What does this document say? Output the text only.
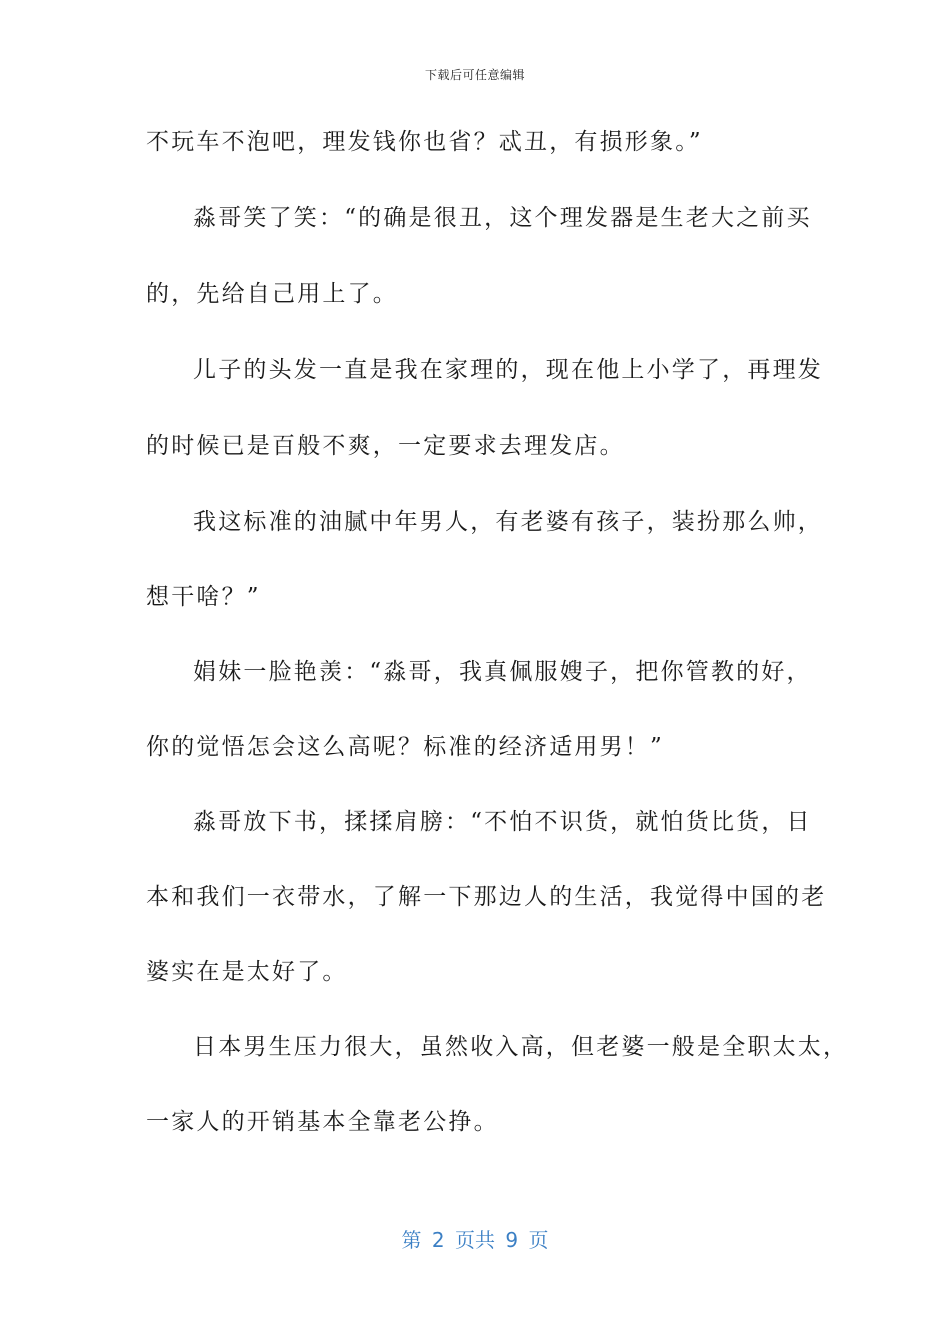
下载后可任意编辑
不玩车不泡吧，理发钱你也省？忒丑，有损形象。”
淼哥笑了笑：“的确是很丑，这个理发器是生老大之前买
的，先给自己用上了。
儿子的头发一直是我在家理的，现在他上小学了，再理发
的时候已是百般不爽，一定要求去理发店。
我这标准的油腻中年男人，有老婆有孩子，装扮那么帅，
想干啥？”
娟妹一脸艳羡：“淼哥，我真佩服嫂子，把你管教的好，
你的觉悟怎会这么高呢？标准的经济适用男！”
淼哥放下书，揉揉肩膀：“不怕不识货，就怕货比货，日
本和我们一衣带水，了解一下那边人的生活，我觉得中国的老
婆实在是太好了。
日本男生压力很大，虽然收入高，但老婆一般是全职太太，
一家人的开销基本全靠老公挣。
第 2 页共 9 页
